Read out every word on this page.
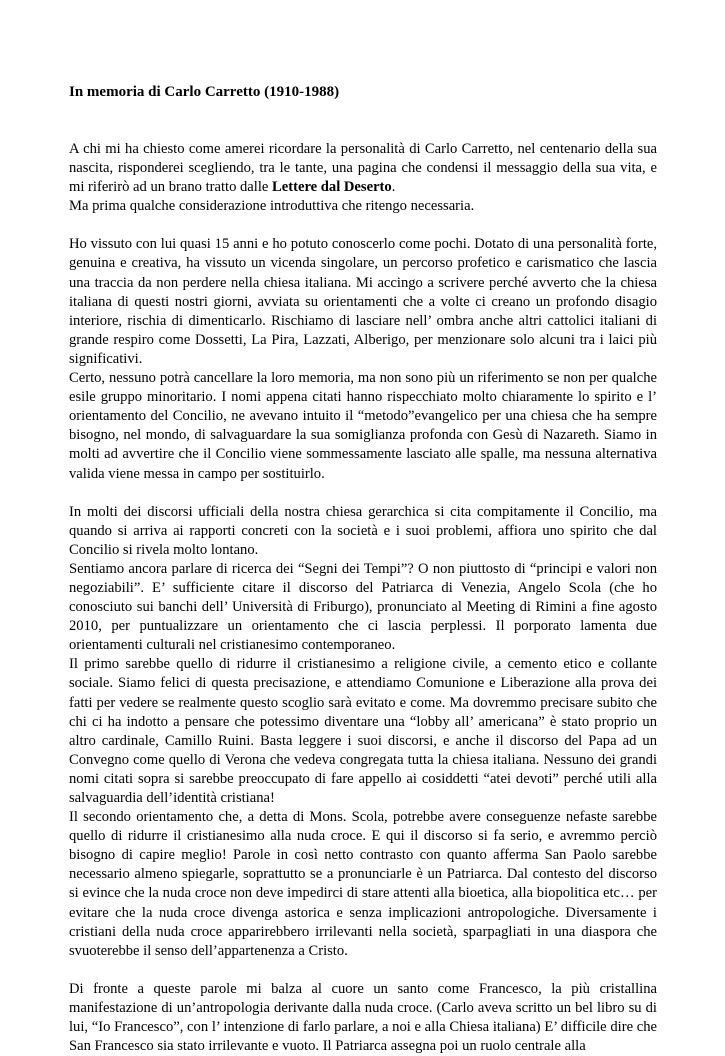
In memoria di Carlo Carretto (1910-1988)

A chi mi ha chiesto come amerei ricordare la personalità di Carlo Carretto, nel centenario della sua nascita, risponderei scegliendo, tra le tante, una pagina che condensi il messaggio della sua vita, e mi riferirò ad un brano tratto dalle Lettere dal Deserto.

Ma prima qualche considerazione introduttiva che ritengo necessaria.

Ho vissuto con lui quasi 15 anni e ho potuto conoscerlo come pochi. Dotato di una personalità forte, genuina e creativa, ha vissuto un vicenda singolare, un percorso profetico e carismatico che lascia una traccia da non perdere nella chiesa italiana. Mi accingo a scrivere perché avverto che la chiesa italiana di questi nostri giorni, avviata su orientamenti che a volte ci creano un profondo disagio interiore, rischia di dimenticarlo. Rischiamo di lasciare nell’ ombra anche altri cattolici italiani di grande respiro come Dossetti, La Pira, Lazzati, Alberigo, per menzionare solo alcuni tra i laici più significativi.

Certo, nessuno potrà cancellare la loro memoria, ma non sono più un riferimento se non per qualche esile gruppo minoritario. I nomi appena citati hanno rispecchiato molto chiaramente lo spirito e l’ orientamento del Concilio, ne avevano intuito il “metodo”evangelico per una chiesa che ha sempre bisogno, nel mondo, di salvaguardare la sua somiglianza profonda con Gesù di Nazareth. Siamo in molti ad avvertire che il Concilio viene sommessamente lasciato alle spalle, ma nessuna alternativa valida viene messa in campo per sostituirlo.

In molti dei discorsi ufficiali della nostra chiesa gerarchica si cita compitamente il Concilio, ma quando si arriva ai rapporti concreti con la società e i suoi problemi, affiora uno spirito che dal Concilio si rivela molto lontano.

Sentiamo ancora parlare di ricerca dei “Segni dei Tempi”? O non piuttosto di “principi e valori non negoziabili”. E’ sufficiente citare il discorso del Patriarca di Venezia, Angelo Scola (che ho conosciuto sui banchi dell’ Università di Friburgo), pronunciato al Meeting di Rimini a fine agosto 2010, per puntualizzare un orientamento che ci lascia perplessi. Il porporato lamenta due orientamenti culturali nel cristianesimo contemporaneo.

Il primo sarebbe quello di ridurre il cristianesimo a religione civile, a cemento etico e collante sociale. Siamo felici di questa precisazione, e attendiamo Comunione e Liberazione alla prova dei fatti per vedere se realmente questo scoglio sarà evitato e come. Ma dovremmo precisare subito che chi ci ha indotto a pensare che potessimo diventare una “lobby all’ americana” è stato proprio un altro cardinale, Camillo Ruini. Basta leggere i suoi discorsi, e anche il discorso del Papa ad un Convegno come quello di Verona che vedeva congregata tutta la chiesa italiana. Nessuno dei grandi nomi citati sopra si sarebbe preoccupato di fare appello ai cosiddetti “atei devoti” perché utili alla salvaguardia dell’identità cristiana!

Il secondo orientamento che, a detta di Mons. Scola, potrebbe avere conseguenze nefaste sarebbe quello di ridurre il cristianesimo alla nuda croce. E qui il discorso si fa serio, e avremmo perciò bisogno di capire meglio! Parole in così netto contrasto con quanto afferma San Paolo sarebbe necessario almeno spiegarle, soprattutto se a pronunciarle è un Patriarca. Dal contesto del discorso si evince che la nuda croce non deve impedirci di stare attenti alla bioetica, alla biopolitica etc… per evitare che la nuda croce divenga astorica e senza implicazioni antropologiche. Diversamente i cristiani della nuda croce apparirebbero irrilevanti nella società, sparpagliati in una diaspora che svuoterebbe il senso dell’appartenenza a Cristo.

Di fronte a queste parole mi balza al cuore un santo come Francesco, la più cristallina manifestazione di un’antropologia derivante dalla nuda croce. (Carlo aveva scritto un bel libro su di lui, “Io Francesco”, con l’ intenzione di farlo parlare, a noi e alla Chiesa italiana) E’ difficile dire che San Francesco sia stato irrilevante e vuoto. Il Patriarca assegna poi un ruolo centrale alla
